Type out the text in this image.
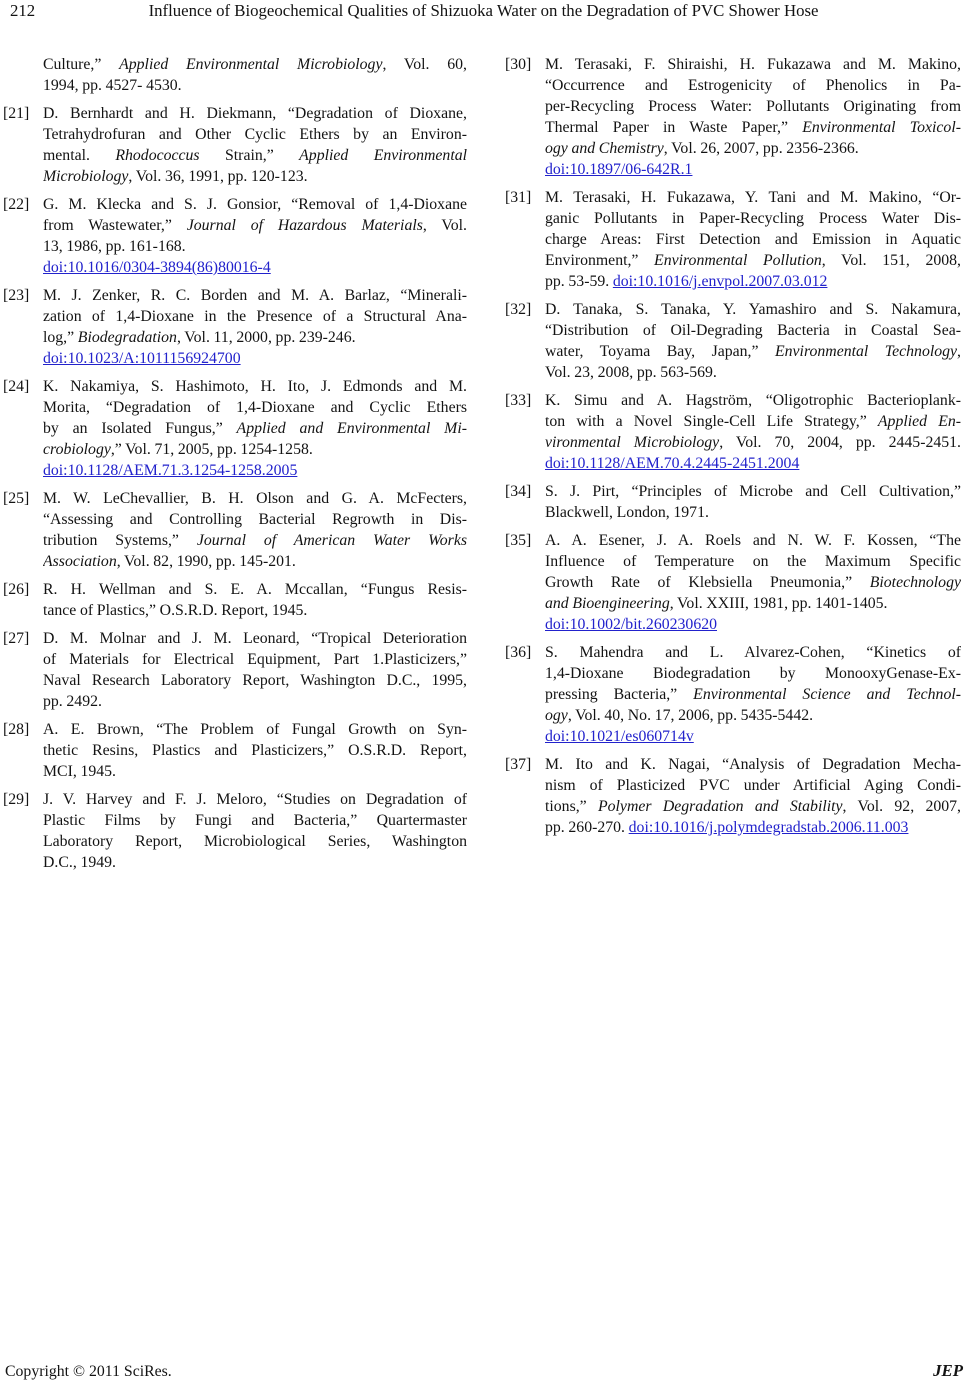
212	Influence of Biogeochemical Qualities of Shizuoka Water on the Degradation of PVC Shower Hose
Culture,” Applied Environmental Microbiology, Vol. 60,
1994, pp. 4527- 4530.
[21] D. Bernhardt and H. Diekmann, “Degradation of Dioxane,
Tetrahydrofuran and Other Cyclic Ethers by an Environ-
mental. Rhodococcus Strain,” Applied Environmental
Microbiology, Vol. 36, 1991, pp. 120-123.
[22] G. M. Klecka and S. J. Gonsior, “Removal of 1,4-Dioxane
from Wastewater,” Journal of Hazardous Materials, Vol.
13, 1986, pp. 161-168.
doi:10.1016/0304-3894(86)80016-4
[23] M. J. Zenker, R. C. Borden and M. A. Barlaz, “Minerali-
zation of 1,4-Dioxane in the Presence of a Structural Ana-
log,” Biodegradation, Vol. 11, 2000, pp. 239-246.
doi:10.1023/A:1011156924700
[24] K. Nakamiya, S. Hashimoto, H. Ito, J. Edmonds and M.
Morita, “Degradation of 1,4-Dioxane and Cyclic Ethers
by an Isolated Fungus,” Applied and Environmental Mi-
crobiology,” Vol. 71, 2005, pp. 1254-1258.
doi:10.1128/AEM.71.3.1254-1258.2005
[25] M. W. LeChevallier, B. H. Olson and G. A. McFecters,
“Assessing and Controlling Bacterial Regrowth in Dis-
tribution Systems,” Journal of American Water Works
Association, Vol. 82, 1990, pp. 145-201.
[26] R. H. Wellman and S. E. A. Mccallan, “Fungus Resis-
tance of Plastics,” O.S.R.D. Report, 1945.
[27] D. M. Molnar and J. M. Leonard, “Tropical Deterioration
of Materials for Electrical Equipment, Part 1.Plasticizers,”
Naval Research Laboratory Report, Washington D.C., 1995,
pp. 2492.
[28] A. E. Brown, “The Problem of Fungal Growth on Syn-
thetic Resins, Plastics and Plasticizers,” O.S.R.D. Report,
MCI, 1945.
[29] J. V. Harvey and F. J. Meloro, “Studies on Degradation of
Plastic Films by Fungi and Bacteria,” Quartermaster
Laboratory Report, Microbiological Series, Washington
D.C., 1949.
[30] M. Terasaki, F. Shiraishi, H. Fukazawa and M. Makino,
“Occurrence and Estrogenicity of Phenolics in Pa-
per-Recycling Process Water: Pollutants Originating from
Thermal Paper in Waste Paper,” Environmental Toxicol-
ogy and Chemistry, Vol. 26, 2007, pp. 2356-2366.
doi:10.1897/06-642R.1
[31] M. Terasaki, H. Fukazawa, Y. Tani and M. Makino, “Or-
ganic Pollutants in Paper-Recycling Process Water Dis-
charge Areas: First Detection and Emission in Aquatic
Environment,” Environmental Pollution, Vol. 151, 2008,
pp. 53-59. doi:10.1016/j.envpol.2007.03.012
[32] D. Tanaka, S. Tanaka, Y. Yamashiro and S. Nakamura,
“Distribution of Oil-Degrading Bacteria in Coastal Sea-
water, Toyama Bay, Japan,” Environmental Technology,
Vol. 23, 2008, pp. 563-569.
[33] K. Simu and A. Hagström, “Oligotrophic Bacterioplank-
ton with a Novel Single-Cell Life Strategy,” Applied En-
vironmental Microbiology, Vol. 70, 2004, pp. 2445-2451.
doi:10.1128/AEM.70.4.2445-2451.2004
[34] S. J. Pirt, “Principles of Microbe and Cell Cultivation,”
Blackwell, London, 1971.
[35] A. A. Esener, J. A. Roels and N. W. F. Kossen, “The
Influence of Temperature on the Maximum Specific
Growth Rate of Klebsiella Pneumonia,” Biotechnology
and Bioengineering, Vol. XXIII, 1981, pp. 1401-1405.
doi:10.1002/bit.260230620
[36] S. Mahendra and L. Alvarez-Cohen, “Kinetics of
1,4-Dioxane Biodegradation by MonooxyGenase-Ex-
pressing Bacteria,” Environmental Science and Technol-
ogy, Vol. 40, No. 17, 2006, pp. 5435-5442.
doi:10.1021/es060714v
[37] M. Ito and K. Nagai, “Analysis of Degradation Mecha-
nism of Plasticized PVC under Artificial Aging Condi-
tions,” Polymer Degradation and Stability, Vol. 92, 2007,
pp. 260-270. doi:10.1016/j.polymdegradstab.2006.11.003
Copyright © 2011 SciRes.	JEP
